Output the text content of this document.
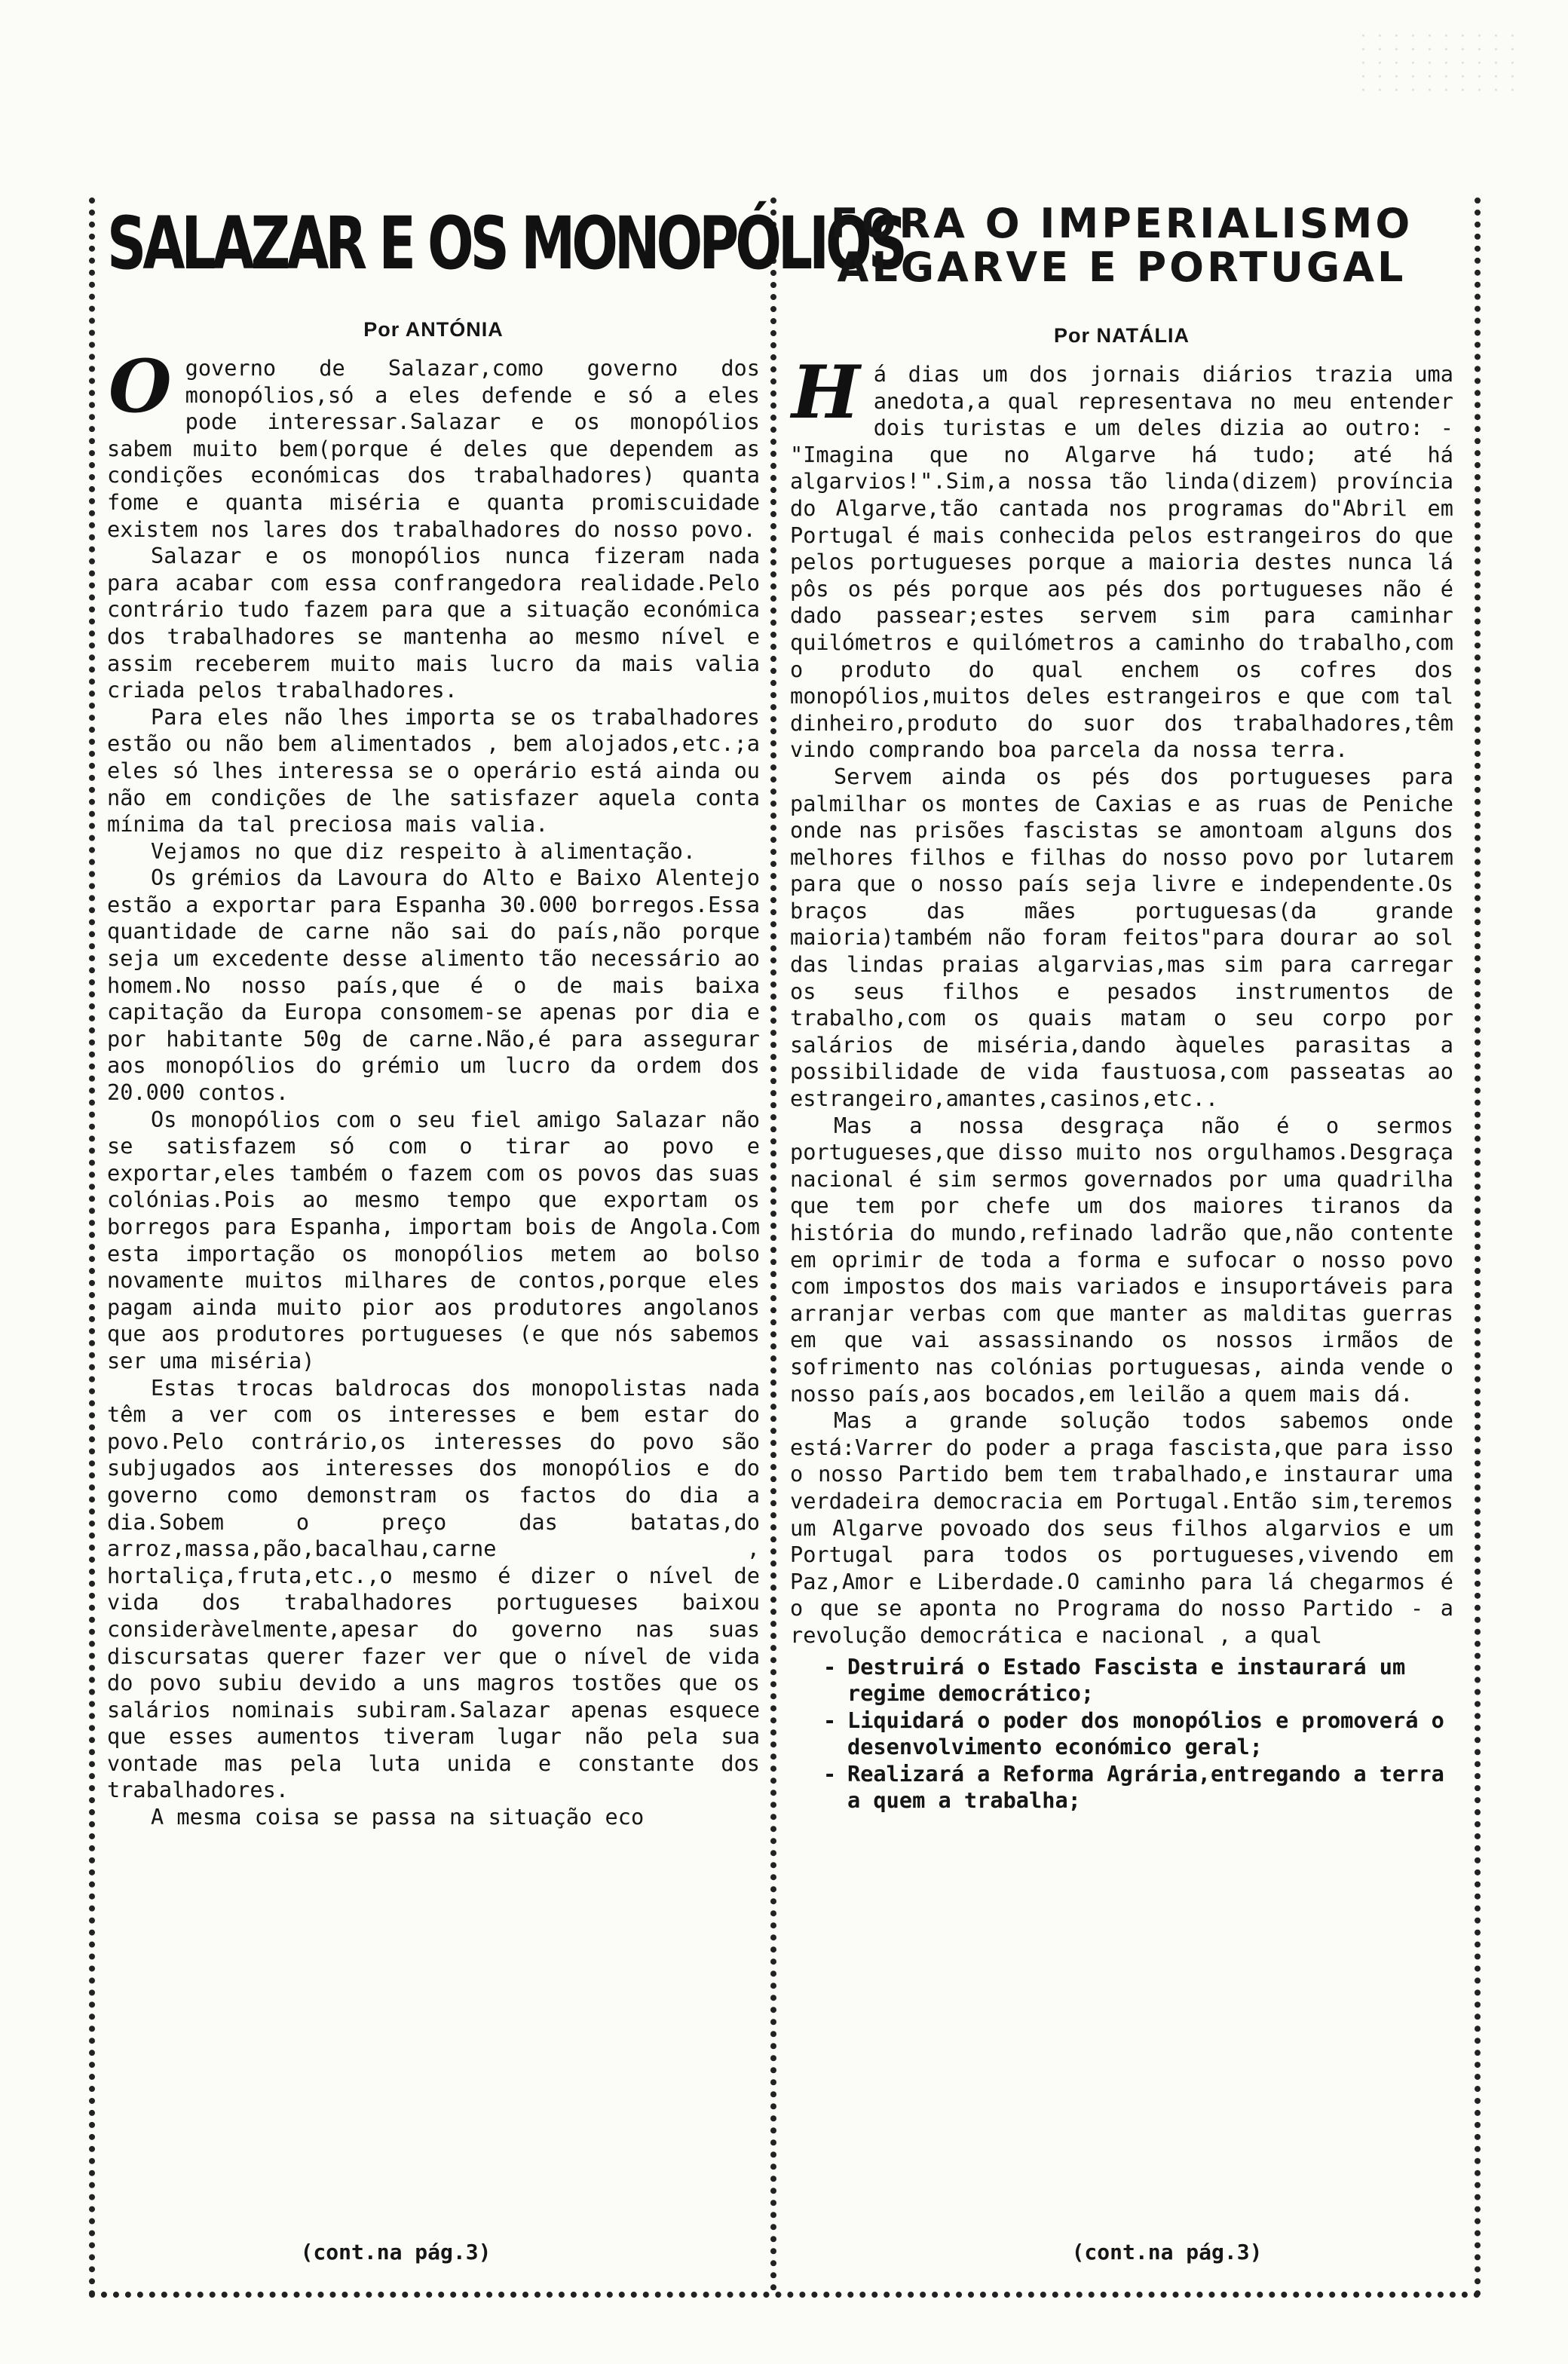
SALAZAR E OS MONOPÓLIOS
Por ANTÓNIA

Ogoverno de Salazar,como governo dos monopólios,só a eles defende e só a eles pode interessar.Salazar e os monopólios sabem muito bem(porque é deles que dependem as condições económicas dos trabalhadores) quanta fome e quanta miséria e quanta promiscuidade existem nos lares dos trabalhadores do nosso povo.

Salazar e os monopólios nunca fizeram nada para acabar com essa confrangedora realidade.Pelo contrário tudo fazem para que a situação económica dos trabalhadores se mantenha ao mesmo nível e assim receberem muito mais lucro da mais valia criada pelos trabalhadores.

Para eles não lhes importa se os trabalhadores estão ou não bem alimentados , bem alojados,etc.;a eles só lhes interessa se o operário está ainda ou não em condições de lhe satisfazer aquela conta mínima da tal preciosa mais valia.

Vejamos no que diz respeito à alimentação.

Os grémios da Lavoura do Alto e Baixo Alentejo estão a exportar para Espanha 30.000 borregos.Essa quantidade de carne não sai do país,não porque seja um excedente desse alimento tão necessário ao homem.No nosso país,que é o de mais baixa capitação da Europa consomem-se apenas por dia e por habitante 50g de carne.Não,é para assegurar aos monopólios do grémio um lucro da ordem dos 20.000 contos.

Os monopólios com o seu fiel amigo Salazar não se satisfazem só com o tirar ao povo e exportar,eles também o fazem com os povos das suas colónias.Pois ao mesmo tempo que exportam os borregos para Espanha, importam bois de Angola.Com esta importação os monopólios metem ao bolso novamente muitos milhares de contos,porque eles pagam ainda muito pior aos produtores angolanos que aos produtores portugueses (e que nós sabemos ser uma miséria)

Estas trocas baldrocas dos monopolistas nada têm a ver com os interesses e bem estar do povo.Pelo contrário,os interesses do povo são subjugados aos interesses dos monopólios e do governo como demonstram os factos do dia a dia.Sobem o preço das batatas,do arroz,massa,pão,bacalhau,carne , hortaliça,fruta,etc.,o mesmo é dizer o nível de vida dos trabalhadores portugueses baixou consideràvelmente,apesar do governo nas suas discursatas querer fazer ver que o nível de vida do povo subiu devido a uns magros tostões que os salários nominais subiram.Salazar apenas esquece que esses aumentos tiveram lugar não pela sua vontade mas pela luta unida e constante dos trabalhadores.

A mesma coisa se passa na situação eco

(cont.na pág.3)
FORA O IMPERIALISMO
ALGARVE E PORTUGAL
Por NATÁLIA

Há dias um dos jornais diários trazia uma anedota,a qual representava no meu entender dois turistas e um deles dizia ao outro: -"Imagina que no Algarve há tudo; até há algarvios!".Sim,a nossa tão linda(dizem) província do Algarve,tão cantada nos programas do"Abril em Portugal é mais conhecida pelos estrangeiros do que pelos portugueses porque a maioria destes nunca lá pôs os pés porque aos pés dos portugueses não é dado passear;estes servem sim para caminhar quilómetros e quilómetros a caminho do trabalho,com o produto do qual enchem os cofres dos monopólios,muitos deles estrangeiros e que com tal dinheiro,produto do suor dos trabalhadores,têm vindo comprando boa parcela da nossa terra.

Servem ainda os pés dos portugueses para palmilhar os montes de Caxias e as ruas de Peniche onde nas prisões fascistas se amontoam alguns dos melhores filhos e filhas do nosso povo por lutarem para que o nosso país seja livre e independente.Os braços das mães portuguesas(da grande maioria)também não foram feitos"para dourar ao sol das lindas praias algarvias,mas sim para carregar os seus filhos e pesados instrumentos de trabalho,com os quais matam o seu corpo por salários de miséria,dando àqueles parasitas a possibilidade de vida faustuosa,com passeatas ao estrangeiro,amantes,casinos,etc..

Mas a nossa desgraça não é o sermos portugueses,que disso muito nos orgulhamos.Desgraça nacional é sim sermos governados por uma quadrilha que tem por chefe um dos maiores tiranos da história do mundo,refinado ladrão que,não contente em oprimir de toda a forma e sufocar o nosso povo com impostos dos mais variados e insuportáveis para arranjar verbas com que manter as malditas guerras em que vai assassinando os nossos irmãos de sofrimento nas colónias portuguesas, ainda vende o nosso país,aos bocados,em leilão a quem mais dá.

Mas a grande solução todos sabemos onde está:Varrer do poder a praga fascista,que para isso o nosso Partido bem tem trabalhado,e instaurar uma verdadeira democracia em Portugal.Então sim,teremos um Algarve povoado dos seus filhos algarvios e um Portugal para todos os portugueses,vivendo em Paz,Amor e Liberdade.O caminho para lá chegarmos é o que se aponta no Programa do nosso Partido - a revolução democrática e nacional , a qual

- Destruirá o Estado Fascista e instaurará um regime democrático;
- Liquidará o poder dos monopólios e promoverá o desenvolvimento económico geral;
- Realizará a Reforma Agrária,entregando a terra a quem a trabalha;
(cont.na pág.3)
